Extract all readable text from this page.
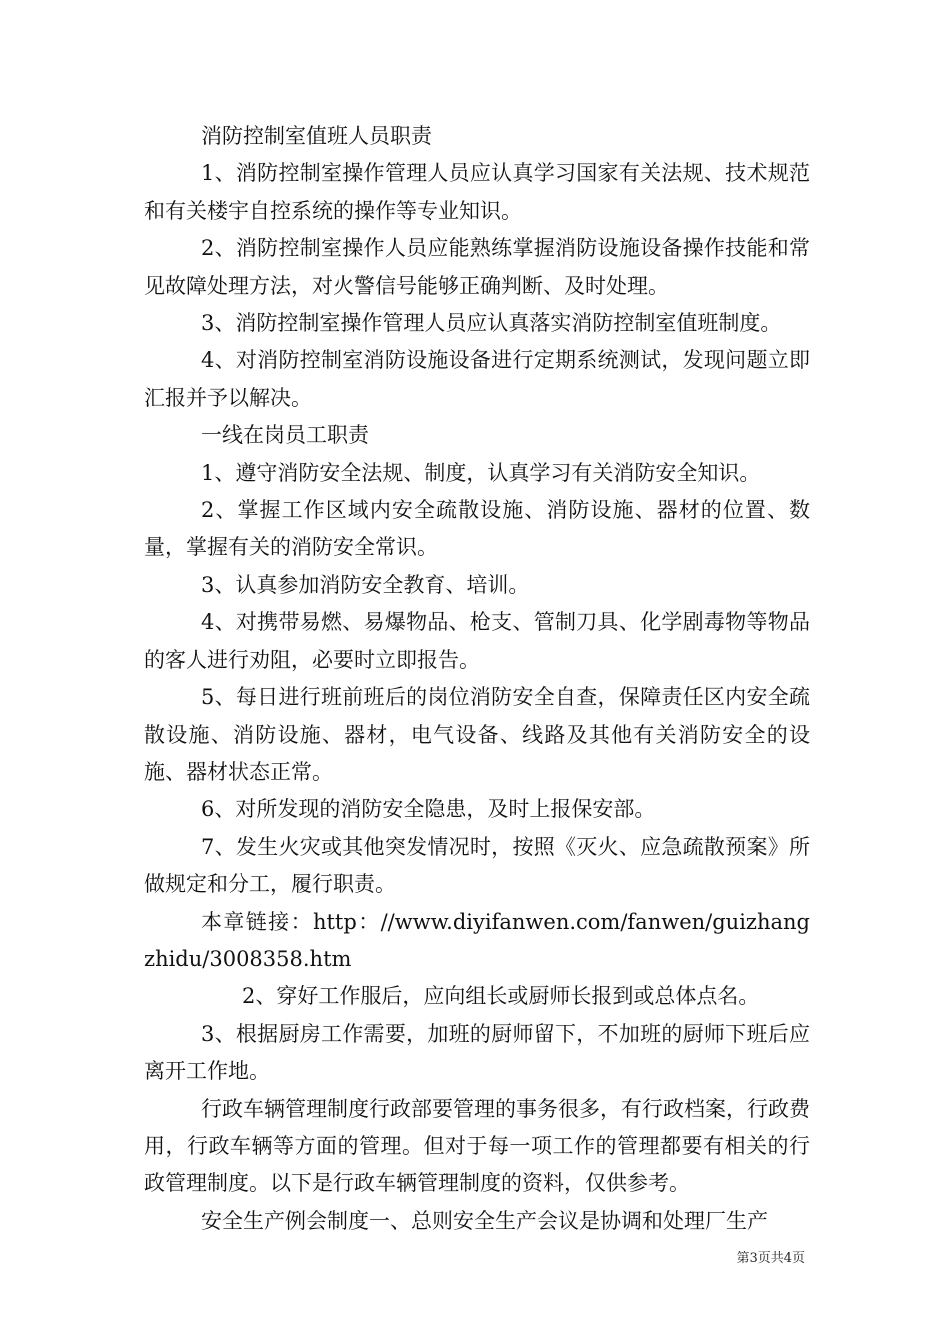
消防控制室值班人员职责

1、消防控制室操作管理人员应认真学习国家有关法规、技术规范和有关楼宇自控系统的操作等专业知识。

2、消防控制室操作人员应能熟练掌握消防设施设备操作技能和常见故障处理方法，对火警信号能够正确判断、及时处理。

3、消防控制室操作管理人员应认真落实消防控制室值班制度。

4、对消防控制室消防设施设备进行定期系统测试，发现问题立即汇报并予以解决。

一线在岗员工职责

1、遵守消防安全法规、制度，认真学习有关消防安全知识。

2、掌握工作区域内安全疏散设施、消防设施、器材的位置、数量，掌握有关的消防安全常识。

3、认真参加消防安全教育、培训。

4、对携带易燃、易爆物品、枪支、管制刀具、化学剧毒物等物品的客人进行劝阻，必要时立即报告。

5、每日进行班前班后的岗位消防安全自查，保障责任区内安全疏散设施、消防设施、器材，电气设备、线路及其他有关消防安全的设施、器材状态正常。

6、对所发现的消防安全隐患，及时上报保安部。

7、发生火灾或其他突发情况时，按照《灭火、应急疏散预案》所做规定和分工，履行职责。

本章链接：http：//www.diyifanwen.com/fanwen/guizhangzhidu/3008358.htm

2、穿好工作服后，应向组长或厨师长报到或总体点名。

3、根据厨房工作需要，加班的厨师留下，不加班的厨师下班后应离开工作地。

行政车辆管理制度行政部要管理的事务很多，有行政档案，行政费用，行政车辆等方面的管理。但对于每一项工作的管理都要有相关的行政管理制度。以下是行政车辆管理制度的资料，仅供参考。

安全生产例会制度一、总则安全生产会议是协调和处理厂生产

第3页共4页
